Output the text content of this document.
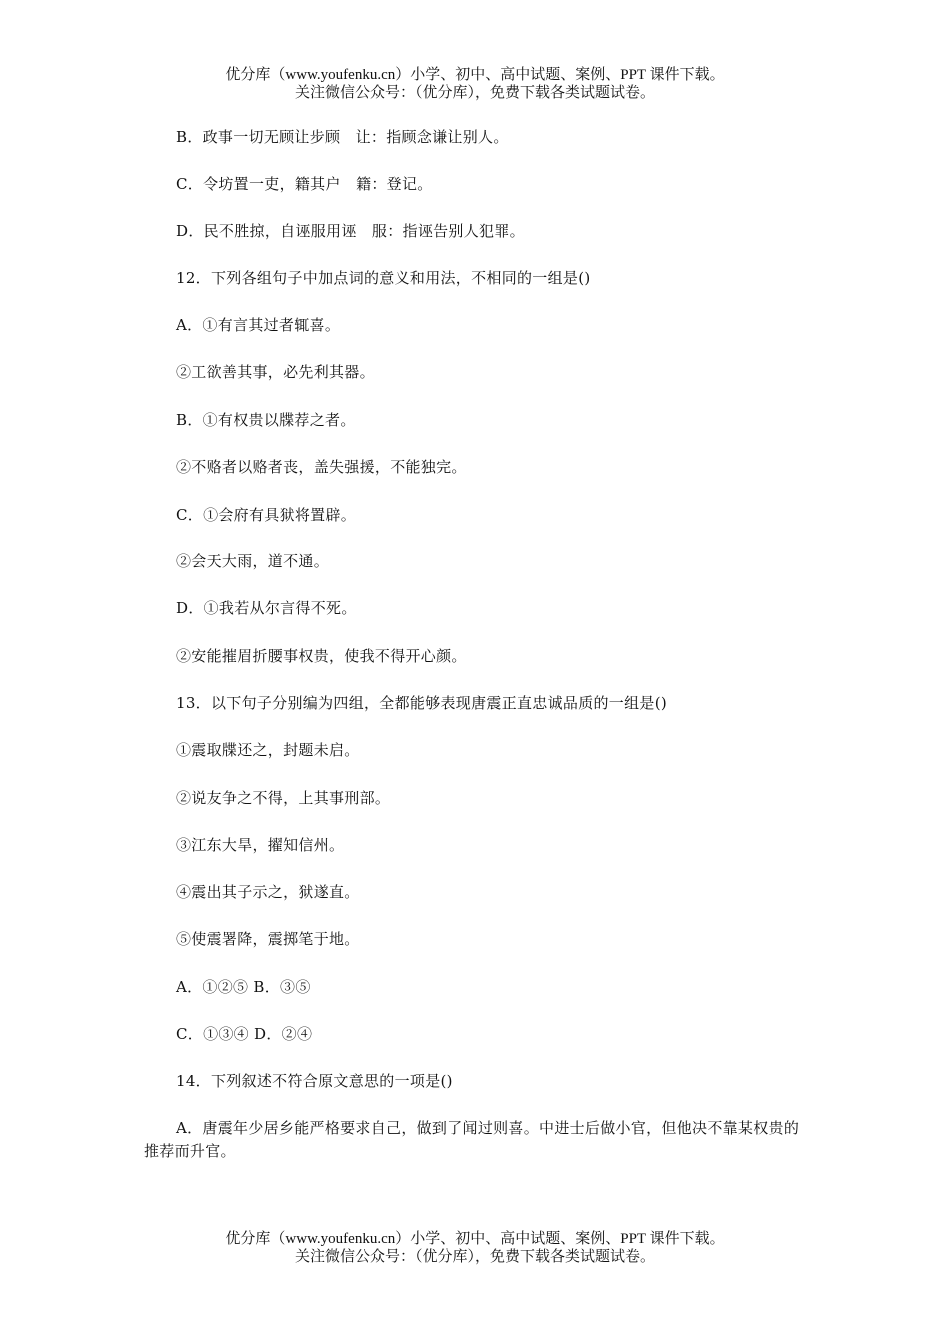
优分库（www.youfenku.cn）小学、初中、高中试题、案例、PPT 课件下载。
关注微信公众号：（优分库），免费下载各类试题试卷。
B．政事一切无顾让步顾　让：指顾念谦让别人。
C．令坊置一吏，籍其户　籍：登记。
D．民不胜掠，自诬服用诬　服：指诬告别人犯罪。
12．下列各组句子中加点词的意义和用法，不相同的一组是()
A．①有言其过者辄喜。
②工欲善其事，必先利其器。
B．①有权贵以牒荐之者。
②不赂者以赂者丧，盖失强援，不能独完。
C．①会府有具狱将置辟。
②会天大雨，道不通。
D．①我若从尔言得不死。
②安能摧眉折腰事权贵，使我不得开心颜。
13．以下句子分别编为四组，全都能够表现唐震正直忠诚品质的一组是()
①震取牒还之，封题未启。
②说友争之不得，上其事刑部。
③江东大旱，擢知信州。
④震出其子示之，狱遂直。
⑤使震署降，震掷笔于地。
A．①②⑤ B．③⑤
C．①③④ D．②④
14．下列叙述不符合原文意思的一项是()
A．唐震年少居乡能严格要求自己，做到了闻过则喜。中进士后做小官，但他决不靠某权贵的推荐而升官。
优分库（www.youfenku.cn）小学、初中、高中试题、案例、PPT 课件下载。
关注微信公众号：（优分库），免费下载各类试题试卷。
